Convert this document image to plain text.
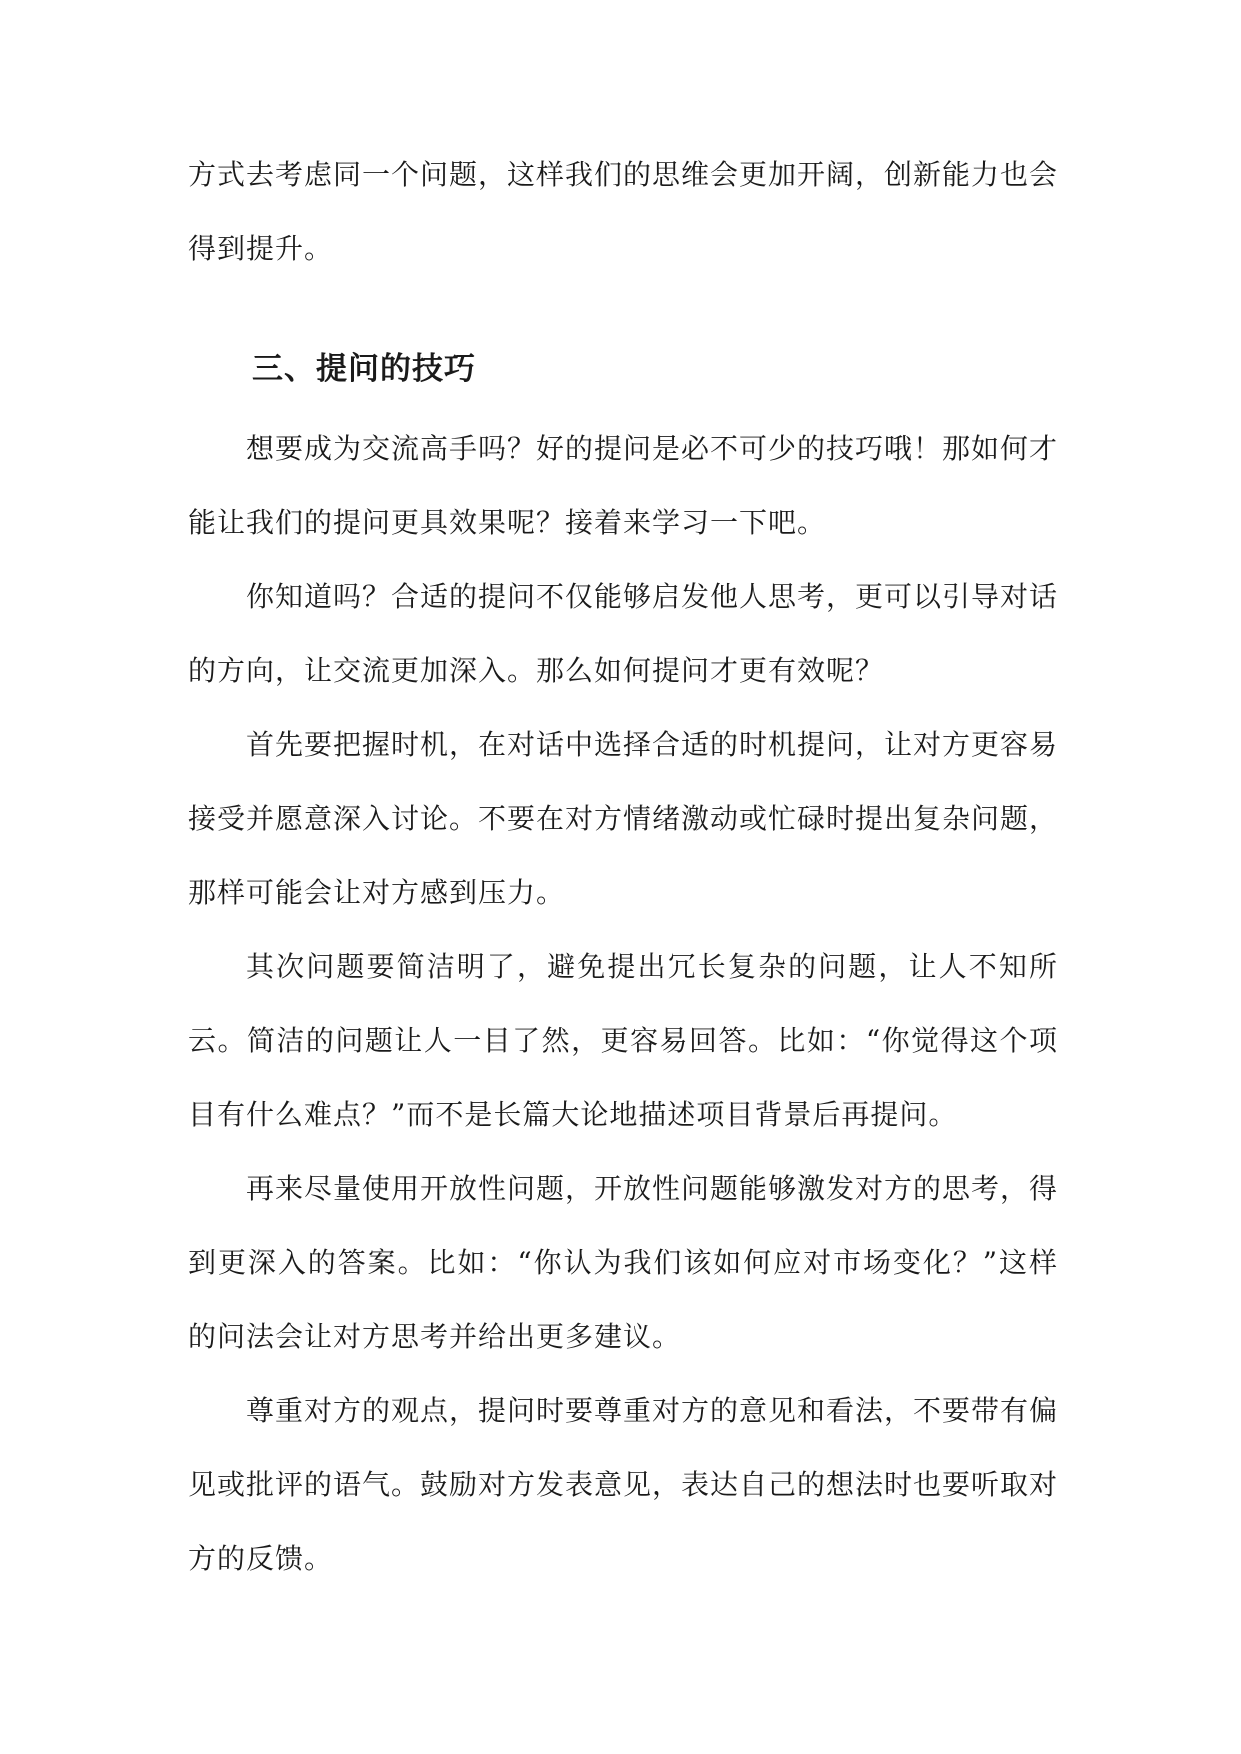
方式去考虑同一个问题，这样我们的思维会更加开阔，创新能力也会得到提升。

三、提问的技巧

想要成为交流高手吗？好的提问是必不可少的技巧哦！那如何才能让我们的提问更具效果呢？接着来学习一下吧。

你知道吗？合适的提问不仅能够启发他人思考，更可以引导对话的方向，让交流更加深入。那么如何提问才更有效呢？

首先要把握时机，在对话中选择合适的时机提问，让对方更容易接受并愿意深入讨论。不要在对方情绪激动或忙碌时提出复杂问题，那样可能会让对方感到压力。

其次问题要简洁明了，避免提出冗长复杂的问题，让人不知所云。简洁的问题让人一目了然，更容易回答。比如：“你觉得这个项目有什么难点？”而不是长篇大论地描述项目背景后再提问。

再来尽量使用开放性问题，开放性问题能够激发对方的思考，得到更深入的答案。比如：“你认为我们该如何应对市场变化？”这样的问法会让对方思考并给出更多建议。

尊重对方的观点，提问时要尊重对方的意见和看法，不要带有偏见或批评的语气。鼓励对方发表意见，表达自己的想法时也要听取对方的反馈。
